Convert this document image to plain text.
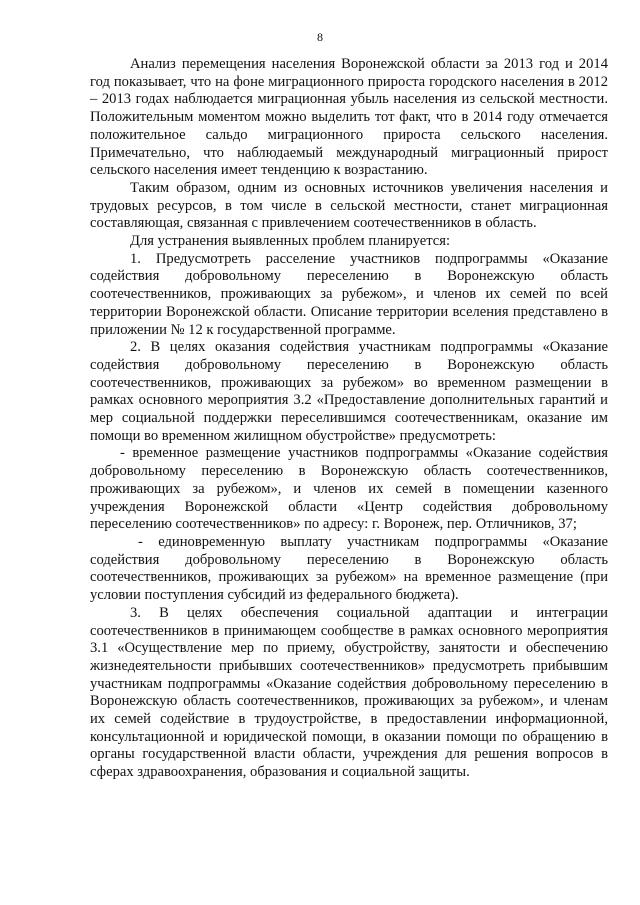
8

Анализ перемещения населения Воронежской области за 2013 год и 2014 год показывает, что на фоне миграционного прироста городского населения в 2012 – 2013 годах наблюдается миграционная убыль населения из сельской местности. Положительным моментом можно выделить тот факт, что в 2014 году отмечается положительное сальдо миграционного прироста сельского населения. Примечательно, что наблюдаемый международный миграционный прирост сельского населения имеет тенденцию к возрастанию.

Таким образом, одним из основных источников увеличения населения и трудовых ресурсов, в том числе в сельской местности, станет миграционная составляющая, связанная с привлечением соотечественников в область.

Для устранения выявленных проблем планируется:

1. Предусмотреть расселение участников подпрограммы «Оказание содействия добровольному переселению в Воронежскую область соотечественников, проживающих за рубежом», и членов их семей по всей территории Воронежской области. Описание территории вселения представлено в приложении № 12 к государственной программе.

2. В целях оказания содействия участникам подпрограммы «Оказание содействия добровольному переселению в Воронежскую область соотечественников, проживающих за рубежом» во временном размещении в рамках основного мероприятия 3.2 «Предоставление дополнительных гарантий и мер социальной поддержки переселившимся соотечественникам, оказание им помощи во временном жилищном обустройстве» предусмотреть:

- временное размещение участников подпрограммы «Оказание содействия добровольному переселению в Воронежскую область соотечественников, проживающих за рубежом», и членов их семей в помещении казенного учреждения Воронежской области «Центр содействия добровольному переселению соотечественников» по адресу: г. Воронеж, пер. Отличников, 37;

- единовременную выплату участникам подпрограммы «Оказание содействия добровольному переселению в Воронежскую область соотечественников, проживающих за рубежом» на временное размещение (при условии поступления субсидий из федерального бюджета).

3. В целях обеспечения социальной адаптации и интеграции соотечественников в принимающем сообществе в рамках основного мероприятия 3.1 «Осуществление мер по приему, обустройству, занятости и обеспечению жизнедеятельности прибывших соотечественников» предусмотреть прибывшим участникам подпрограммы «Оказание содействия добровольному переселению в Воронежскую область соотечественников, проживающих за рубежом», и членам их семей содействие в трудоустройстве, в предоставлении информационной, консультационной и юридической помощи, в оказании помощи по обращению в органы государственной власти области, учреждения для решения вопросов в сферах здравоохранения, образования и социальной защиты.
